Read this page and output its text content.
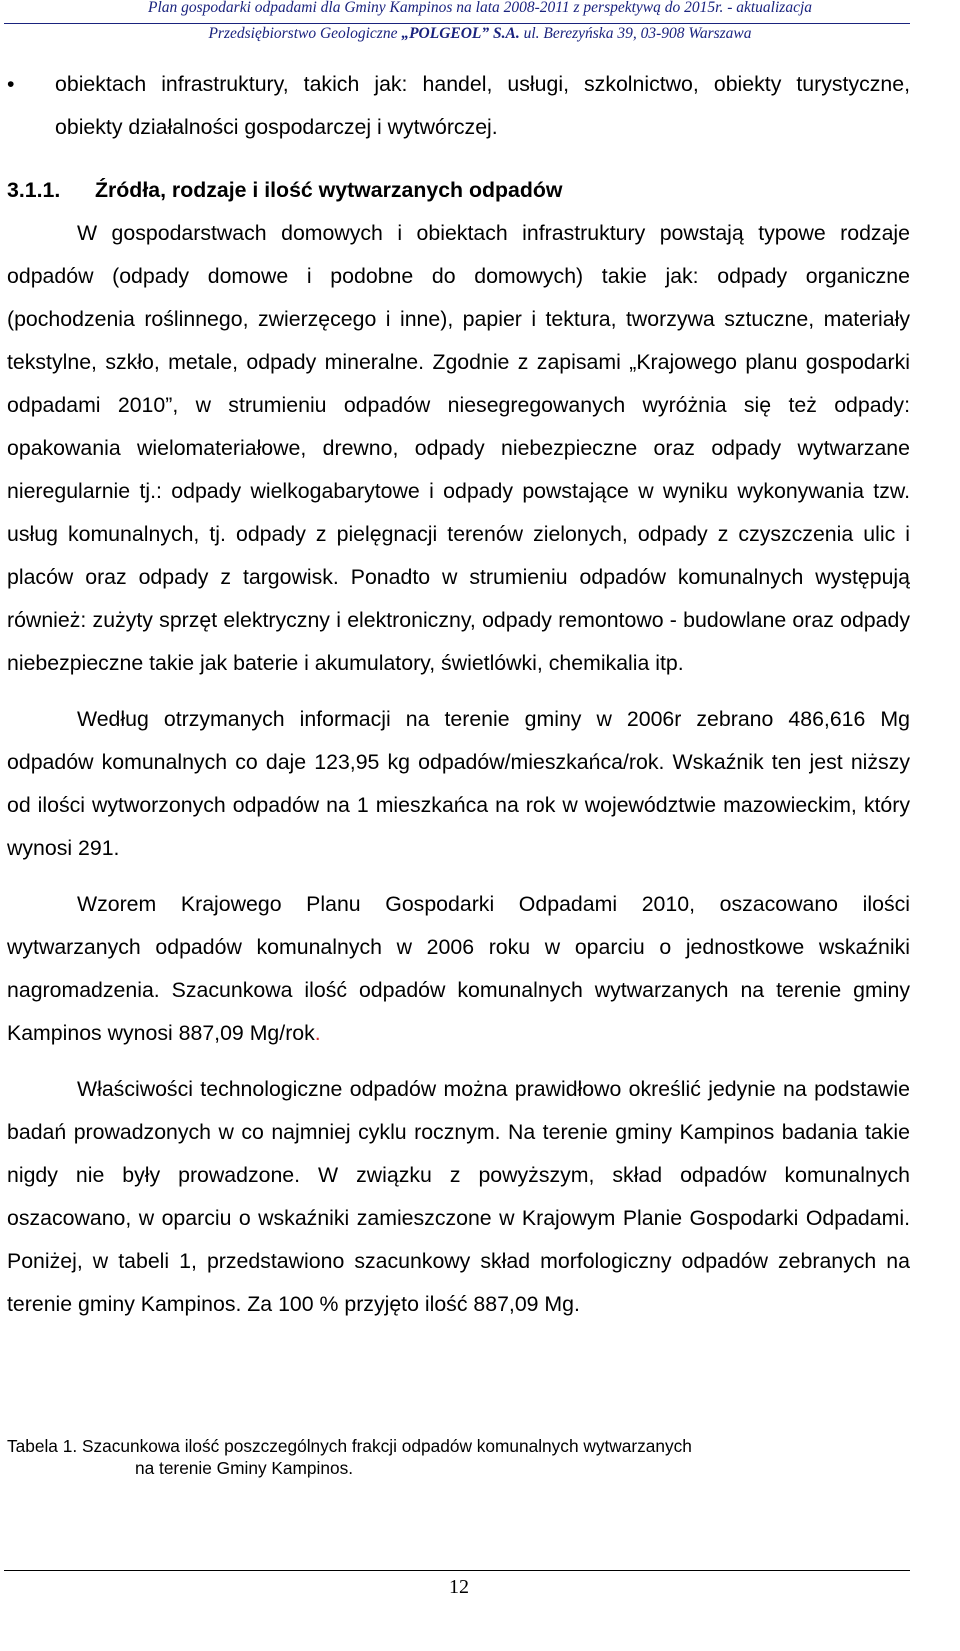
Plan gospodarki odpadami dla Gminy Kampinos na lata 2008-2011 z perspektywą do 2015r. - aktualizacja
Przedsiębiorstwo Geologiczne „POLGEOL” S.A. ul. Berezyńska 39, 03-908 Warszawa
•	obiektach infrastruktury, takich jak: handel, usługi, szkolnictwo, obiekty turystyczne, obiekty działalności gospodarczej i wytwórczej.
3.1.1. Źródła, rodzaje i ilość wytwarzanych odpadów

W gospodarstwach domowych i obiektach infrastruktury powstają typowe rodzaje odpadów (odpady domowe i podobne do domowych) takie jak: odpady organiczne (pochodzenia roślinnego, zwierzęcego i inne), papier i tektura, tworzywa sztuczne, materiały tekstylne, szkło, metale, odpady mineralne. Zgodnie z zapisami „Krajowego planu gospodarki odpadami 2010”, w strumieniu odpadów niesegregowanych wyróżnia się też odpady: opakowania wielomateriałowe, drewno, odpady niebezpieczne oraz odpady wytwarzane nieregularnie tj.: odpady wielkogabarytowe i odpady powstające w wyniku wykonywania tzw. usług komunalnych, tj. odpady z pielęgnacji terenów zielonych, odpady z czyszczenia ulic i placów oraz odpady z targowisk. Ponadto w strumieniu odpadów komunalnych występują również: zużyty sprzęt elektryczny i elektroniczny, odpady remontowo - budowlane oraz odpady niebezpieczne takie jak baterie i akumulatory, świetlówki, chemikalia itp.

Według otrzymanych informacji na terenie gminy w 2006r zebrano 486,616 Mg odpadów komunalnych co daje 123,95 kg odpadów/mieszkańca/rok. Wskaźnik ten jest niższy od ilości wytworzonych odpadów na 1 mieszkańca na rok w województwie mazowieckim, który wynosi 291.

Wzorem Krajowego Planu Gospodarki Odpadami 2010, oszacowano ilości wytwarzanych odpadów komunalnych w 2006 roku w oparciu o jednostkowe wskaźniki nagromadzenia. Szacunkowa ilość odpadów komunalnych wytwarzanych na terenie gminy Kampinos wynosi 887,09 Mg/rok.

Właściwości technologiczne odpadów można prawidłowo określić jedynie na podstawie badań prowadzonych w co najmniej cyklu rocznym. Na terenie gminy Kampinos badania takie nigdy nie były prowadzone. W związku z powyższym, skład odpadów komunalnych oszacowano, w oparciu o wskaźniki zamieszczone w Krajowym Planie Gospodarki Odpadami. Poniżej, w tabeli 1, przedstawiono szacunkowy skład morfologiczny odpadów zebranych na terenie gminy Kampinos. Za 100 % przyjęto ilość 887,09 Mg.

Tabela 1. Szacunkowa ilość poszczególnych frakcji odpadów komunalnych wytwarzanych
na terenie Gminy Kampinos.
12
